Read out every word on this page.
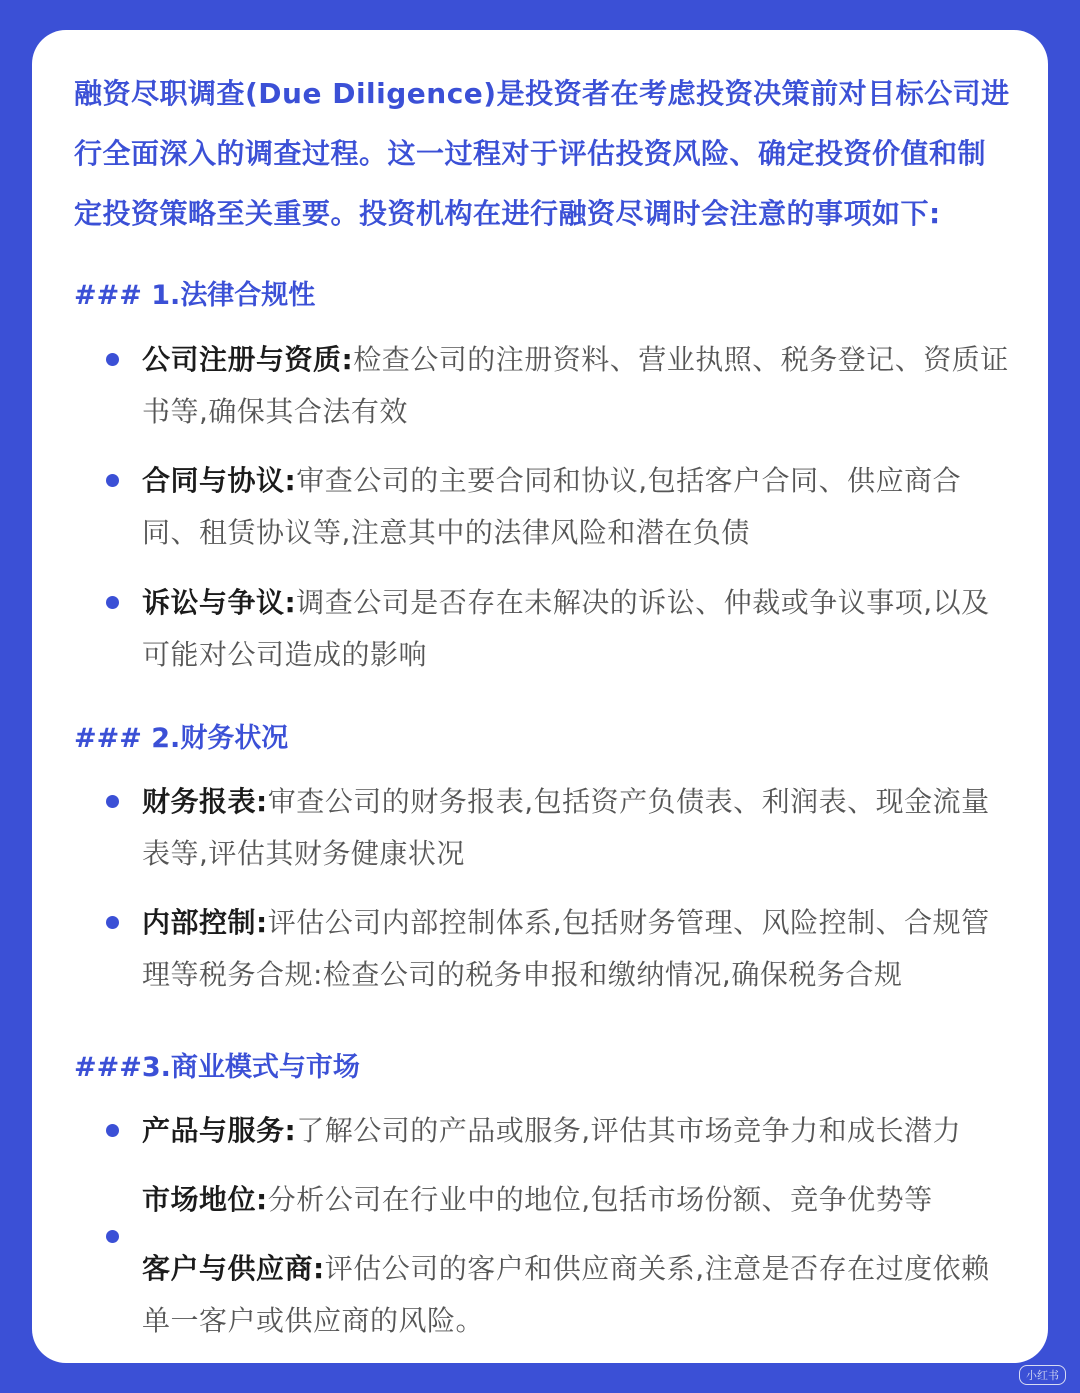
融资尽职调查(Due Diligence)是投资者在考虑投资决策前对目标公司进行全面深入的调查过程。这一过程对于评估投资风险、确定投资价值和制定投资策略至关重要。投资机构在进行融资尽调时会注意的事项如下:
### 1.法律合规性
公司注册与资质:检查公司的注册资料、营业执照、税务登记、资质证书等,确保其合法有效
合同与协议:审查公司的主要合同和协议,包括客户合同、供应商合同、租赁协议等,注意其中的法律风险和潜在负债
诉讼与争议:调查公司是否存在未解决的诉讼、仲裁或争议事项,以及可能对公司造成的影响
### 2.财务状况
财务报表:审查公司的财务报表,包括资产负债表、利润表、现金流量表等,评估其财务健康状况
内部控制:评估公司内部控制体系,包括财务管理、风险控制、合规管理等税务合规:检查公司的税务申报和缴纳情况,确保税务合规
###3.商业模式与市场
产品与服务:了解公司的产品或服务,评估其市场竞争力和成长潜力
市场地位:分析公司在行业中的地位,包括市场份额、竞争优势等
客户与供应商:评估公司的客户和供应商关系,注意是否存在过度依赖单一客户或供应商的风险。
小红书
